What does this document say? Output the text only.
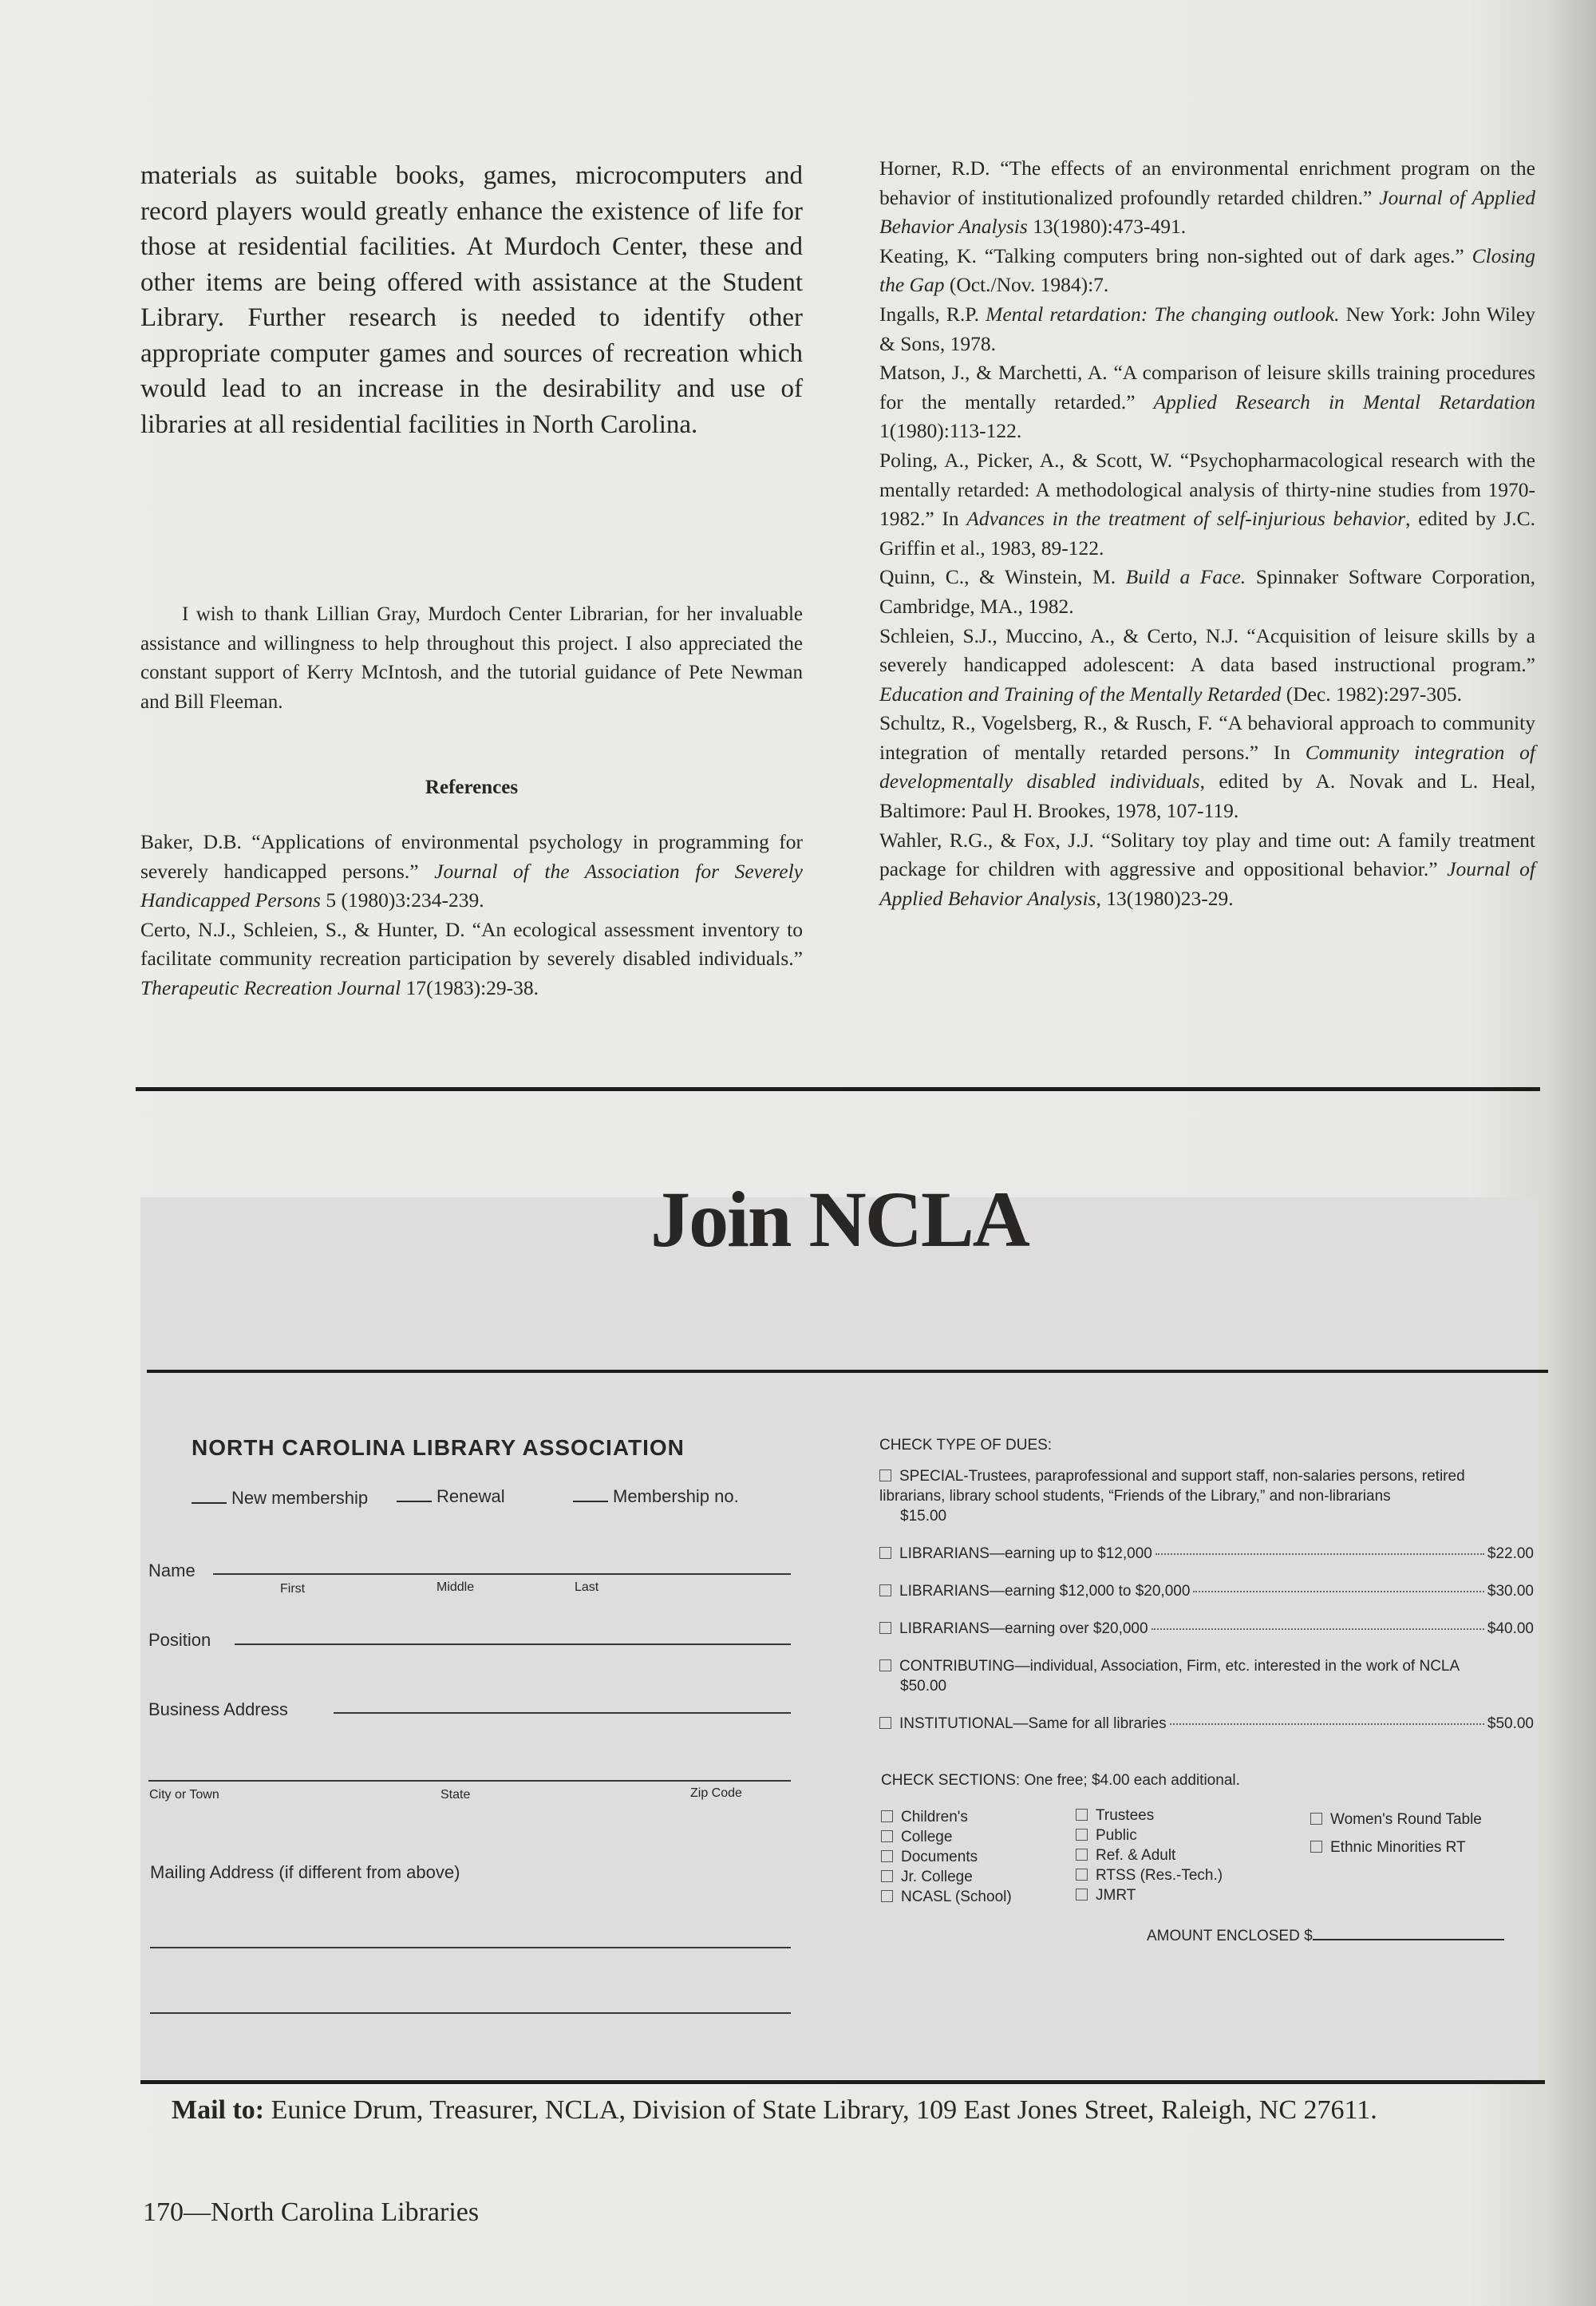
materials as suitable books, games, microcomputers and record players would greatly enhance the existence of life for those at residential facilities. At Murdoch Center, these and other items are being offered with assistance at the Student Library. Further research is needed to identify other appropriate computer games and sources of recreation which would lead to an increase in the desirability and use of libraries at all residential facilities in North Carolina.

I wish to thank Lillian Gray, Murdoch Center Librarian, for her invaluable assistance and willingness to help throughout this project. I also appreciated the constant support of Kerry McIntosh, and the tutorial guidance of Pete Newman and Bill Fleeman.

References

Baker, D.B. “Applications of environmental psychology in programming for severely handicapped persons.” Journal of the Association for Severely Handicapped Persons 5 (1980)3:234-239.

Certo, N.J., Schleien, S., & Hunter, D. “An ecological assessment inventory to facilitate community recreation participation by severely disabled individuals.” Therapeutic Recreation Journal 17(1983):29-38.

Horner, R.D. “The effects of an environmental enrichment program on the behavior of institutionalized profoundly retarded children.” Journal of Applied Behavior Analysis 13(1980):473-491.

Keating, K. “Talking computers bring non-sighted out of dark ages.” Closing the Gap (Oct./Nov. 1984):7.

Ingalls, R.P. Mental retardation: The changing outlook. New York: John Wiley & Sons, 1978.

Matson, J., & Marchetti, A. “A comparison of leisure skills training procedures for the mentally retarded.” Applied Research in Mental Retardation 1(1980):113-122.

Poling, A., Picker, A., & Scott, W. “Psychopharmacological research with the mentally retarded: A methodological analysis of thirty-nine studies from 1970-1982.” In Advances in the treatment of self-injurious behavior, edited by J.C. Griffin et al., 1983, 89-122.

Quinn, C., & Winstein, M. Build a Face. Spinnaker Software Corporation, Cambridge, MA., 1982.

Schleien, S.J., Muccino, A., & Certo, N.J. “Acquisition of leisure skills by a severely handicapped adolescent: A data based instructional program.” Education and Training of the Mentally Retarded (Dec. 1982):297-305.

Schultz, R., Vogelsberg, R., & Rusch, F. “A behavioral approach to community integration of mentally retarded persons.” In Community integration of developmentally disabled individuals, edited by A. Novak and L. Heal, Baltimore: Paul H. Brookes, 1978, 107-119.

Wahler, R.G., & Fox, J.J. “Solitary toy play and time out: A family treatment package for children with aggressive and oppositional behavior.” Journal of Applied Behavior Analysis, 13(1980)23-29.

Join NCLA
NORTH CAROLINA LIBRARY ASSOCIATION
New membership	Renewal	Membership no.
Name
First	Middle	Last
Position
Business Address
City or Town	State	Zip Code
Mailing Address (if different from above)
CHECK TYPE OF DUES:
SPECIAL-Trustees, paraprofessional and support staff, non-salaries persons, retired librarians, library school students, “Friends of the Library,” and non-librarians
$15.00
LIBRARIANS—earning up to $12,000	$22.00
LIBRARIANS—earning $12,000 to $20,000	$30.00
LIBRARIANS—earning over $20,000	$40.00
CONTRIBUTING—individual, Association, Firm, etc. interested in the work of NCLA
$50.00
INSTITUTIONAL—Same for all libraries	$50.00
CHECK SECTIONS: One free; $4.00 each additional.
Children's
College
Documents
Jr. College
NCASL (School)
Trustees
Public
Ref. & Adult
RTSS (Res.-Tech.)
JMRT
Women's Round Table
Ethnic Minorities RT
AMOUNT ENCLOSED $
Mail to: Eunice Drum, Treasurer, NCLA, Division of State Library, 109 East Jones Street, Raleigh, NC 27611.
170—North Carolina Libraries
